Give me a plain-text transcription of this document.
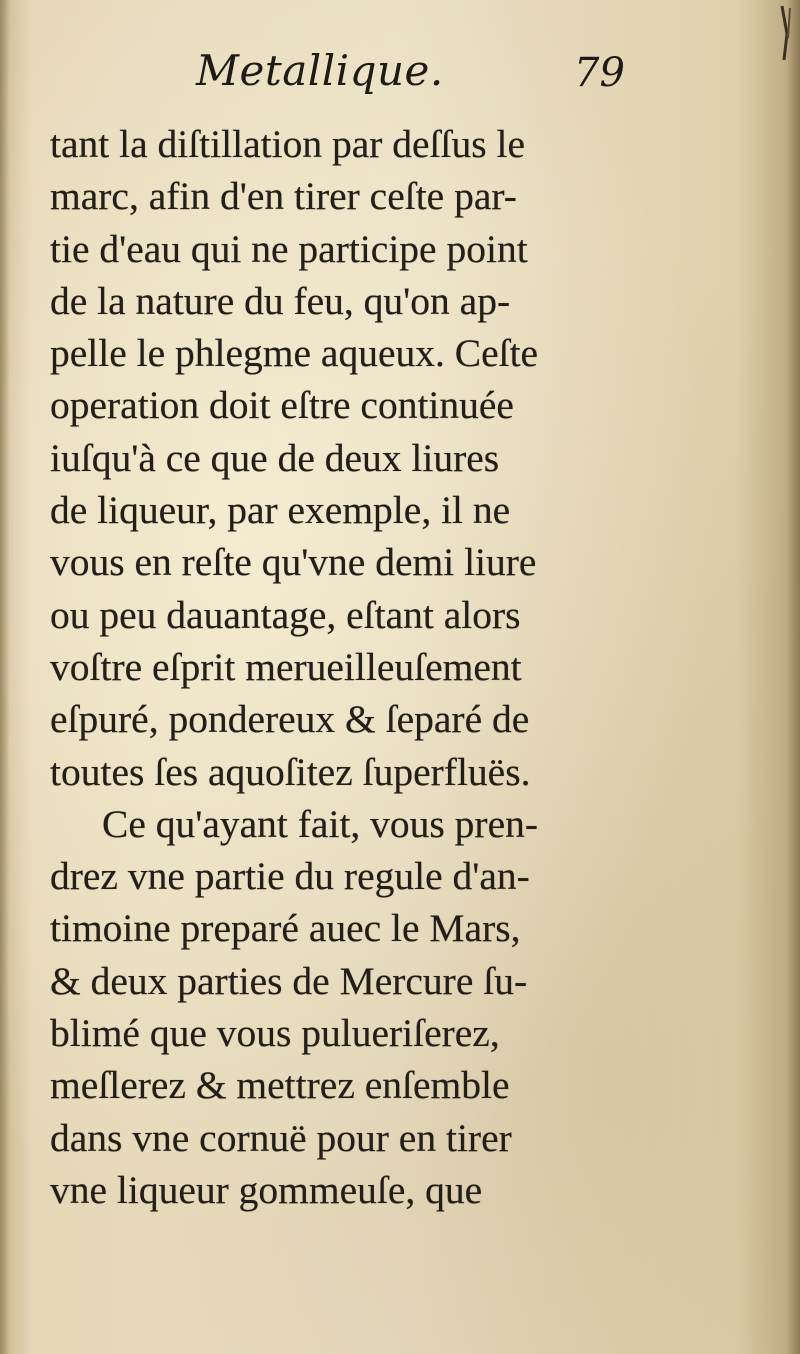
Metallique.	79
tant la diſtillation par deſſus le
marc, afin d'en tirer ceſte par-
tie d'eau qui ne participe point
de la nature du feu, qu'on ap-
pelle le phlegme aqueux. Ceſte
operation doit eſtre continuée
iuſqu'à ce que de deux liures
de liqueur, par exemple, il ne
vous en reſte qu'vne demi liure
ou peu dauantage, eſtant alors
voſtre eſprit merueilleuſement
eſpuré, pondereux & ſeparé de
toutes ſes aquoſitez ſuperfluës.
Ce qu'ayant fait, vous pren-
drez vne partie du regule d'an-
timoine preparé auec le Mars,
& deux parties de Mercure ſu-
blimé que vous pulueriſerez,
meſlerez & mettrez enſemble
dans vne cornuë pour en tirer
vne liqueur gommeuſe, que
